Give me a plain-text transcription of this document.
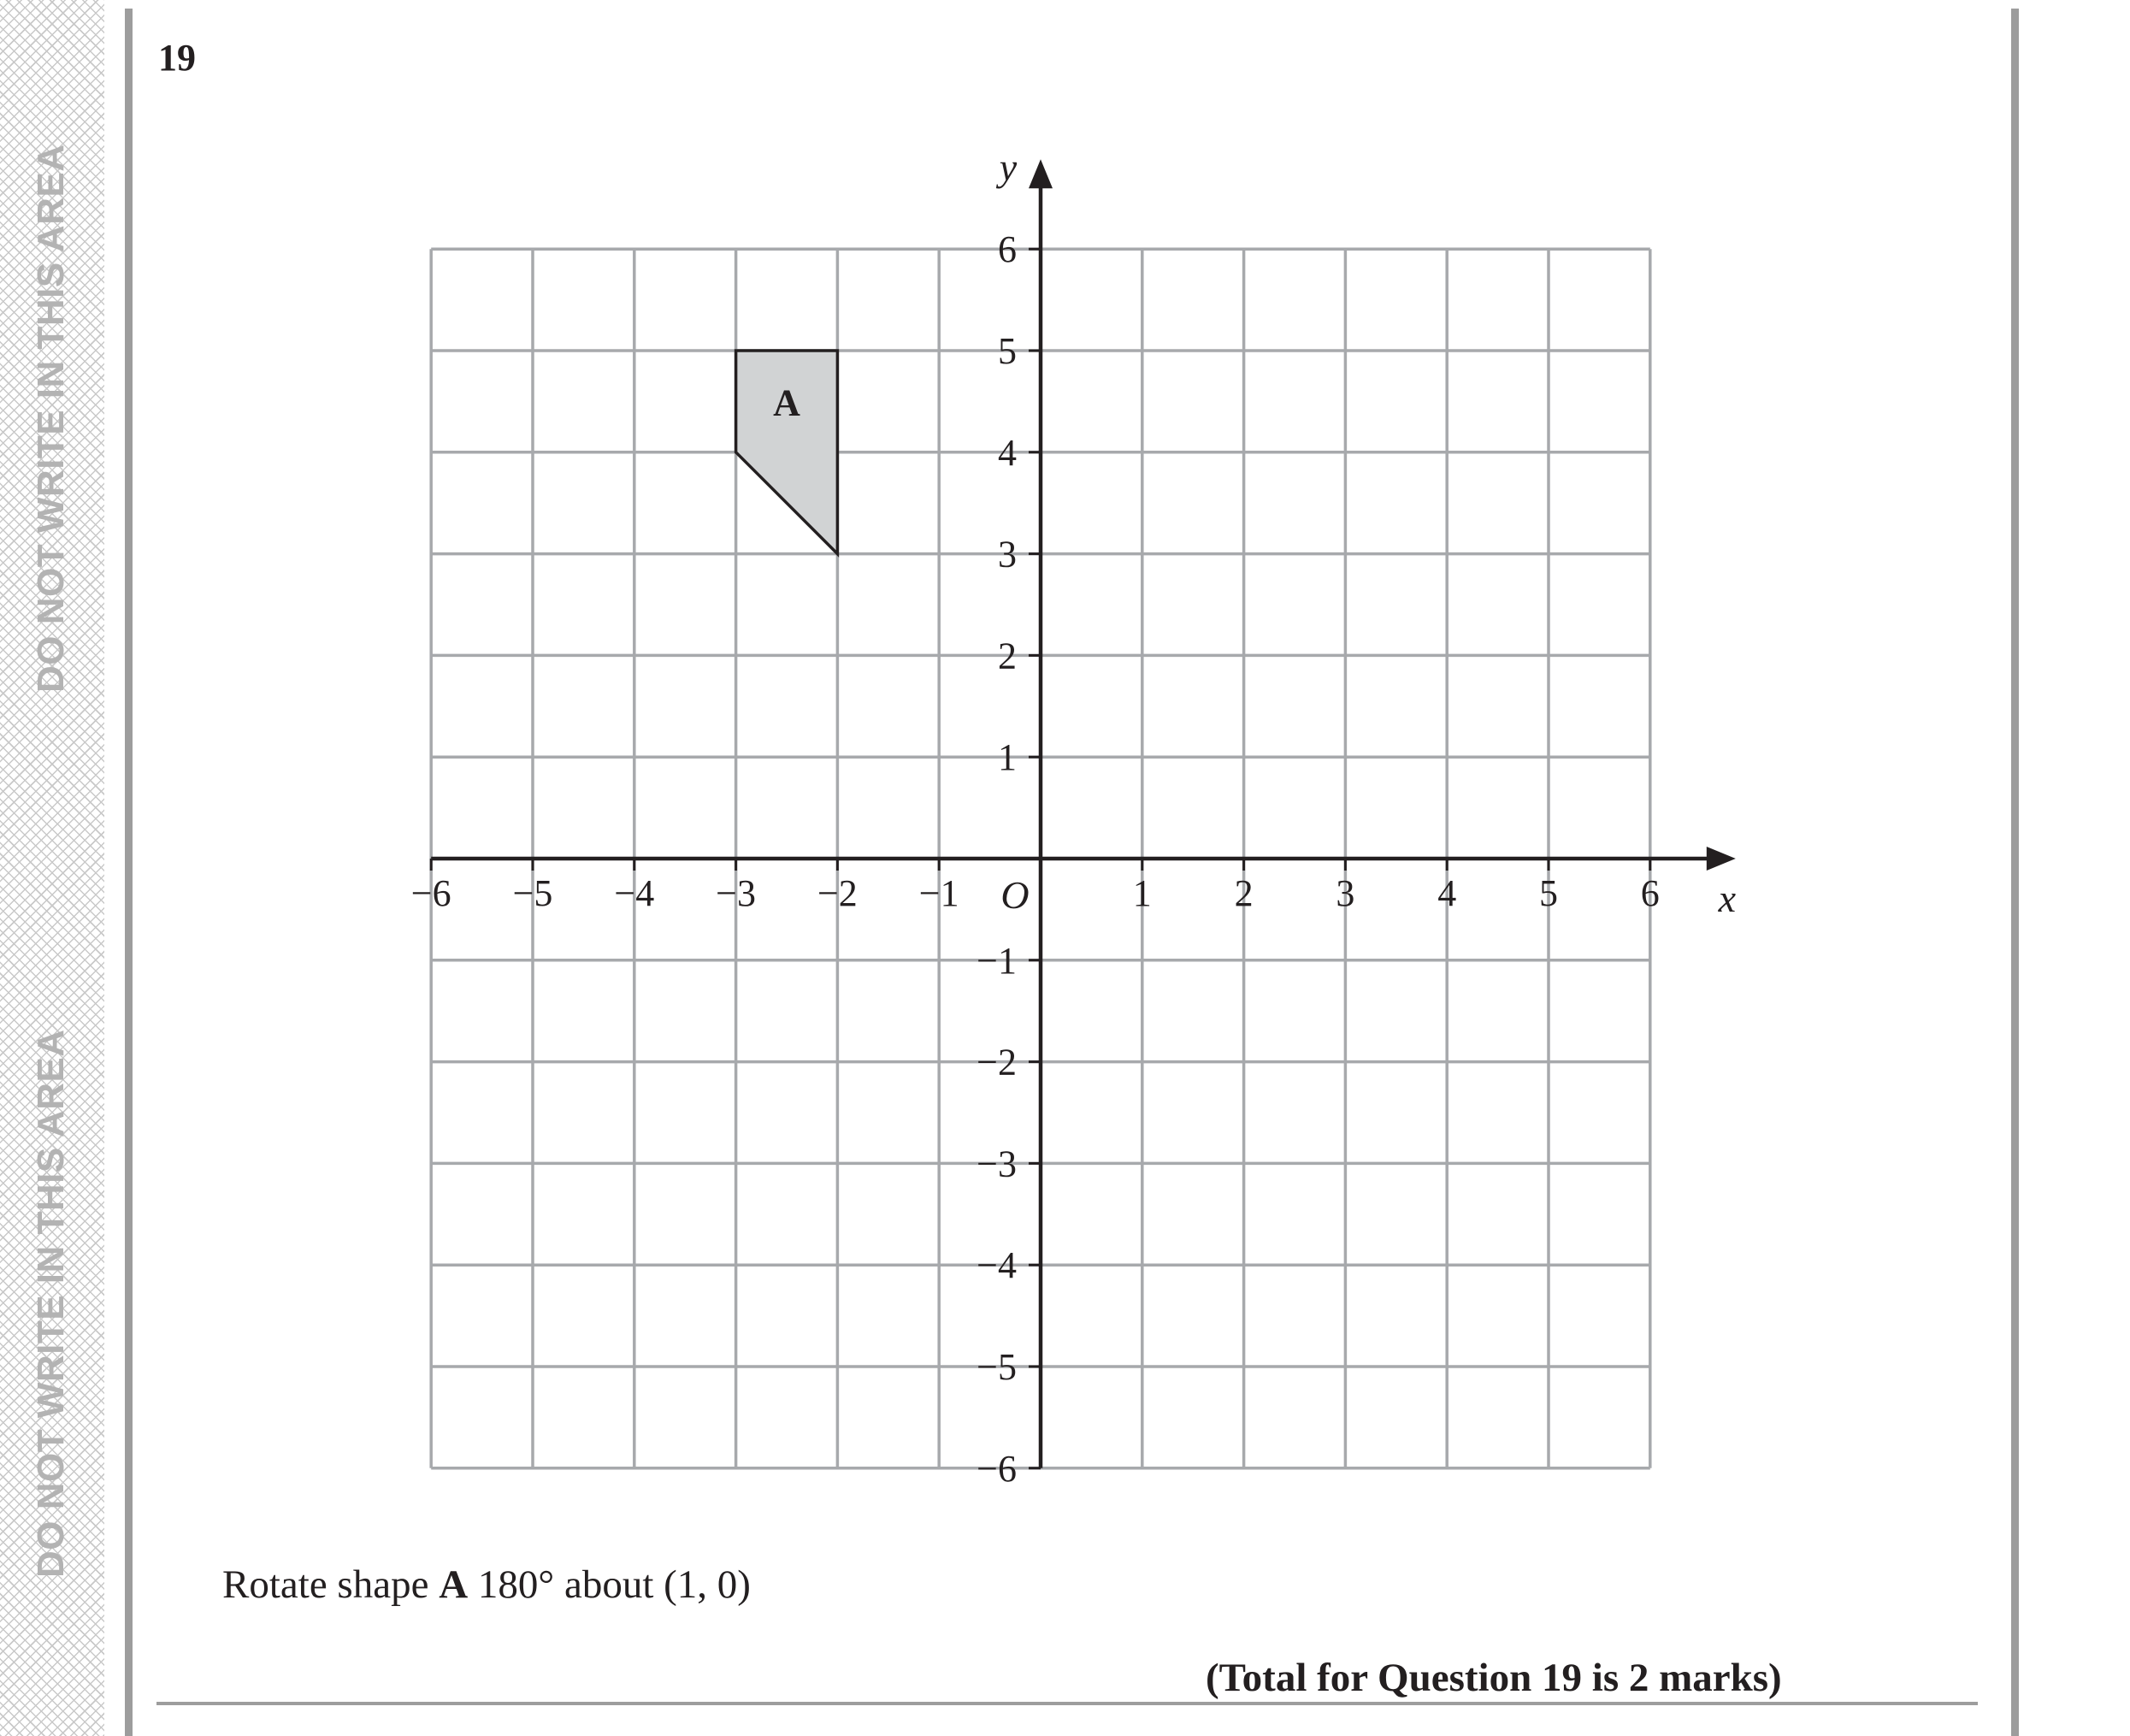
DO NOT WRITE IN THIS AREA
DO NOT WRITE IN THIS AREA
19
A
−6 −5 −4 −3 −2 −1	1 2 3 4 5 6
6
5
4
3
2
1
−1
−2
−3
−4
−5
−6
x
y
O
Rotate shape A 180° about (1, 0)
(Total for Question 19 is 2 marks)
